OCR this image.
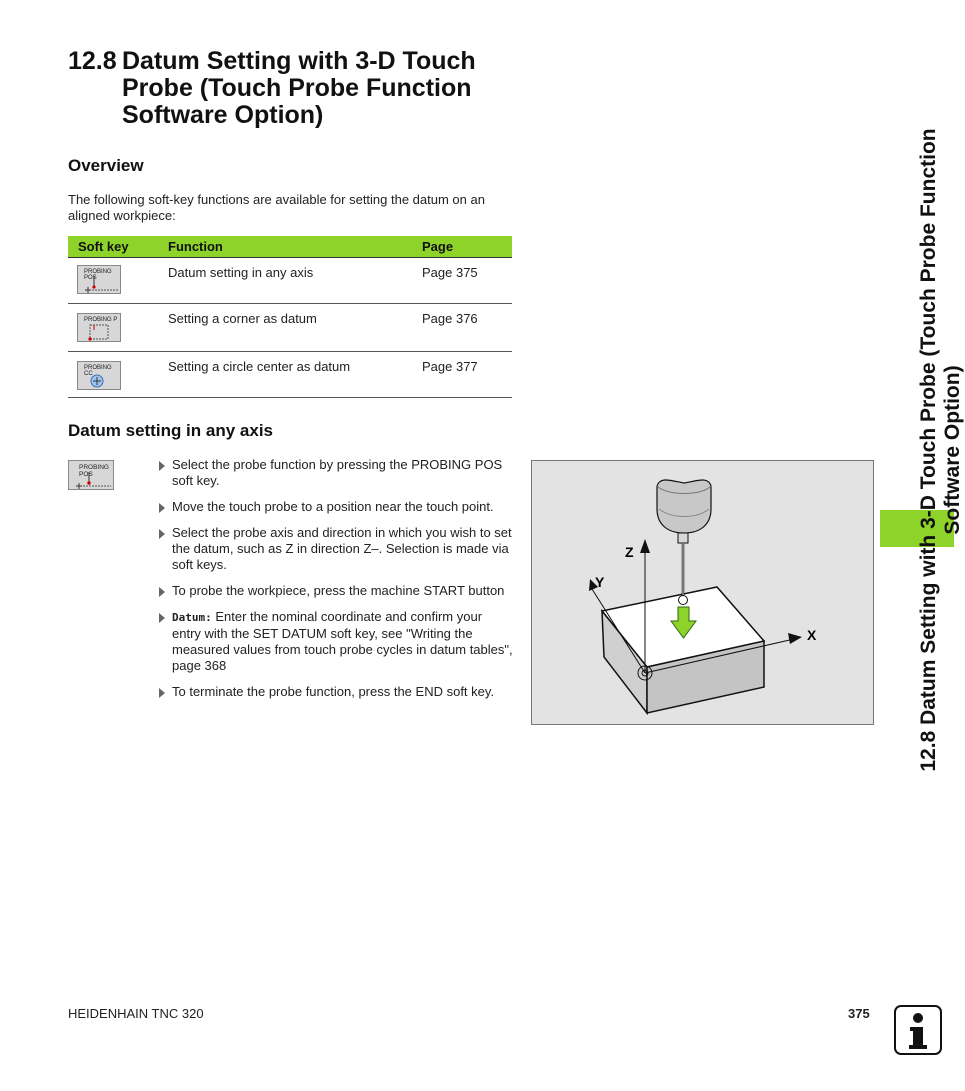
12.8 Datum Setting with 3-D Touch Probe (Touch Probe Function Software Option)
Overview
The following soft-key functions are available for setting the datum on an aligned workpiece:
Soft key	Function	Page
PROBING POS	Datum setting in any axis	Page 375
PROBING P	Setting a corner as datum	Page 376
PROBING CC	Setting a circle center as datum	Page 377
Datum setting in any axis
PROBING POS
Select the probe function by pressing the PROBING POS soft key.
Move the touch probe to a position near the touch point.
Select the probe axis and direction in which you wish to set the datum, such as Z in direction Z–. Selection is made via soft keys.
To probe the workpiece, press the machine START button
Datum: Enter the nominal coordinate and confirm your entry with the SET DATUM soft key, see "Writing the measured values from touch probe cycles in datum tables", page 368
To terminate the probe function, press the END soft key.
Z
Y
X	12.8 Datum Setting with 3-D Touch Probe (Touch Probe Function Software Option)
HEIDENHAIN TNC 320	375
